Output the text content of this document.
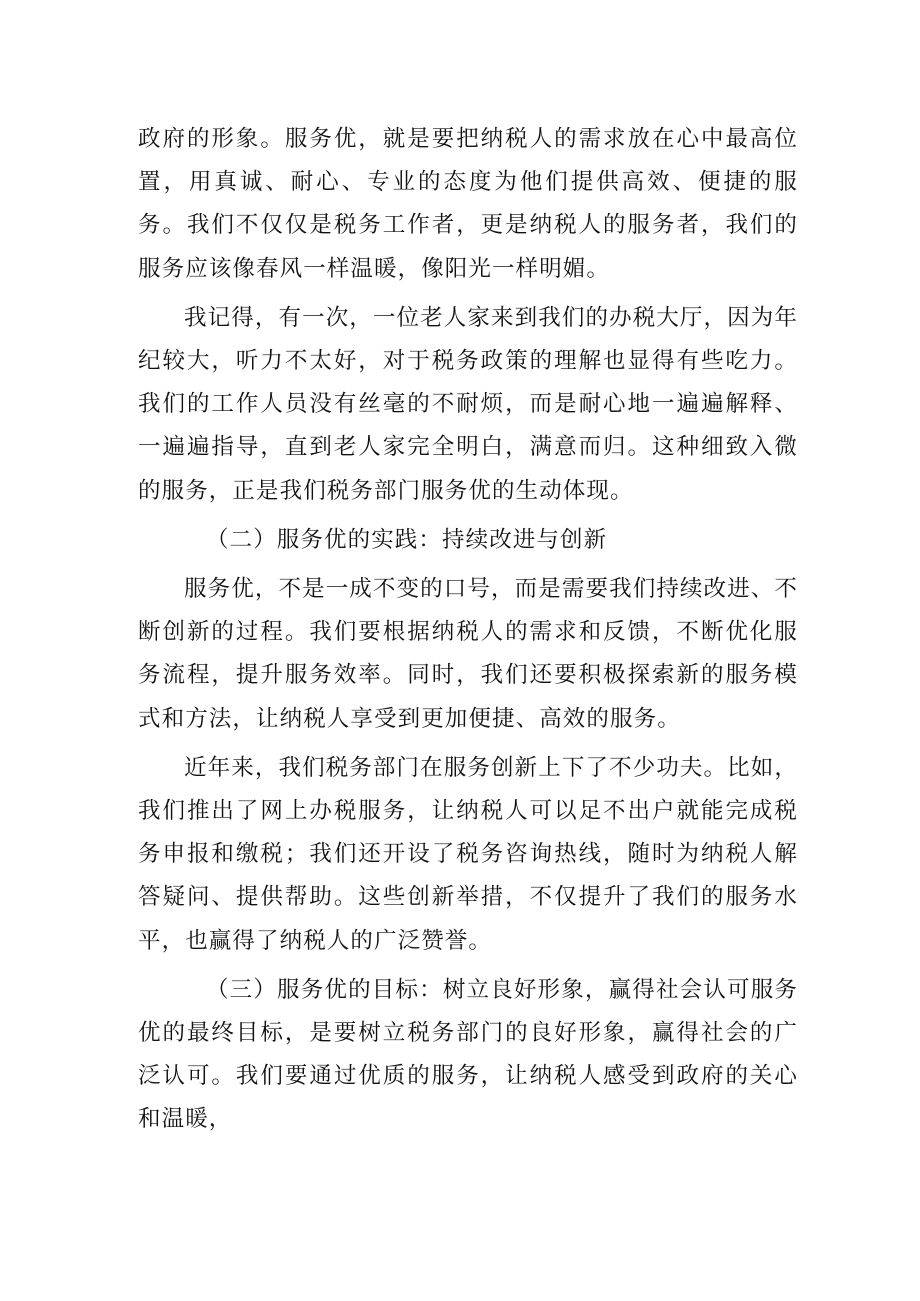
政府的形象。服务优，就是要把纳税人的需求放在心中最高位置，用真诚、耐心、专业的态度为他们提供高效、便捷的服务。我们不仅仅是税务工作者，更是纳税人的服务者，我们的服务应该像春风一样温暖，像阳光一样明媚。

我记得，有一次，一位老人家来到我们的办税大厅，因为年纪较大，听力不太好，对于税务政策的理解也显得有些吃力。我们的工作人员没有丝毫的不耐烦，而是耐心地一遍遍解释、一遍遍指导，直到老人家完全明白，满意而归。这种细致入微的服务，正是我们税务部门服务优的生动体现。

（二）服务优的实践：持续改进与创新

服务优，不是一成不变的口号，而是需要我们持续改进、不断创新的过程。我们要根据纳税人的需求和反馈，不断优化服务流程，提升服务效率。同时，我们还要积极探索新的服务模式和方法，让纳税人享受到更加便捷、高效的服务。

近年来，我们税务部门在服务创新上下了不少功夫。比如，我们推出了网上办税服务，让纳税人可以足不出户就能完成税务申报和缴税；我们还开设了税务咨询热线，随时为纳税人解答疑问、提供帮助。这些创新举措，不仅提升了我们的服务水平，也赢得了纳税人的广泛赞誉。

（三）服务优的目标：树立良好形象，赢得社会认可服务优的最终目标，是要树立税务部门的良好形象，赢得社会的广泛认可。我们要通过优质的服务，让纳税人感受到政府的关心和温暖，
